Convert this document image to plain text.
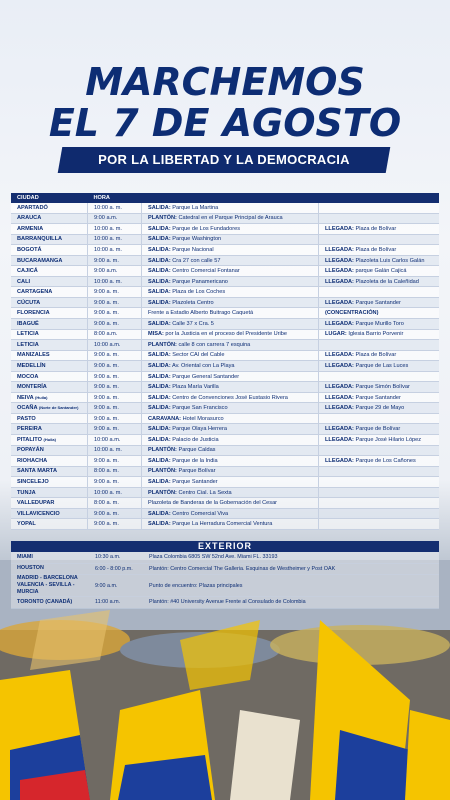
MARCHEMOS
EL 7 DE AGOSTO
POR LA LIBERTAD Y LA DEMOCRACIA
CIUDAD	HORA		
APARTADÓ	10:00 a. m.	SALIDA: Parque La Martina	
ARAUCA	9:00 a.m.	PLANTÓN: Catedral en el Parque Principal de Arauca	
ARMENIA	10:00 a. m.	SALIDA: Parque de Los Fundadores	LLEGADA: Plaza de Bolívar
BARRANQUILLA	10:00 a. m.	SALIDA: Parque Washington	
BOGOTÁ	10:00 a. m.	SALIDA: Parque Nacional	LLEGADA: Plaza de Bolívar
BUCARAMANGA	9:00 a. m.	SALIDA: Cra 27 con calle 57	LLEGADA: Plazoleta Luis Carlos Galán
CAJICÁ	9:00 a.m.	SALIDA: Centro Comercial Fontanar	LLEGADA: parque Galán Cajicá
CALI	10:00 a. m.	SALIDA: Parque Panamericano	LLEGADA: Plazoleta de la Caleñidad
CARTAGENA	9:00 a. m.	SALIDA: Plaza de Los Coches	
CÚCUTA	9:00 a. m.	SALIDA: Plazoleta Centro	LLEGADA: Parque Santander
FLORENCIA	9:00 a. m.	Frente a Estadio Alberto Buitrago Caquetá	(CONCENTRACIÓN)
IBAGUÉ	9:00 a. m.	SALIDA: Calle 37 x Cra. 5	LLEGADA: Parque Murillo Toro
LETICIA	8:00 a.m.	MISA: por la Justicia en el proceso del Presidente Uribe	LUGAR: Iglesia Barrio Porvenir
LETICIA	10:00 a.m.	PLANTÓN: calle 8 con carrera 7 esquina	
MANIZALES	9:00 a. m.	SALIDA: Sector CAI del Cable	LLEGADA: Plaza de Bolívar
MEDELLÍN	9:00 a. m.	SALIDA: Av. Oriental con La Playa	LLEGADA: Parque de Las Luces
MOCOA	9:00 a. m.	SALIDA: Parque General Santander	
MONTERÍA	9:00 a. m.	SALIDA: Plaza María Varilla	LLEGADA: Parque Simón Bolívar
NEIVA (Huila)	9:00 a. m.	SALIDA: Centro de Convenciones José Eustasio Rivera	LLEGADA: Parque Santander
OCAÑA (Norte de Santander)	9:00 a. m.	SALIDA: Parque San Francisco	LLEGADA: Parque 29 de Mayo
PASTO	9:00 a. m.	CARAVANA: Hotel Morasurco	
PEREIRA	9:00 a. m.	SALIDA: Parque Olaya Herrera	LLEGADA: Parque de Bolívar
PITALITO (Huila)	10:00 a.m.	SALIDA: Palacio de Justicia	LLEGADA: Parque José Hilario López
POPAYÁN	10:00 a. m.	PLANTÓN: Parque Caldas	
RIOHACHA	9:00 a. m.	SALIDA: Parque de la India	LLEGADA: Parque de Los Cañones
SANTA MARTA	8:00 a. m.	PLANTÓN: Parque Bolívar	
SINCELEJO	9:00 a. m.	SALIDA: Parque Santander	
TUNJA	10:00 a. m.	PLANTÓN: Centro Cial. La Sexta	
VALLEDUPAR	8:00 a. m.	Plazoleta de Banderas de la Gobernación del Cesar	
VILLAVICENCIO	9:00 a. m.	SALIDA: Centro Comercial Viva	
YOPAL	9:00 a. m.	SALIDA: Parque La Herradura Comercial Ventura	
EXTERIOR
MIAMI	10:30 a.m.	Plaza Colombia 6805 SW 52nd Ave. Miami FL. 33193
HOUSTON	6:00 - 8:00 p.m.	Plantón: Centro Comercial The Galleria. Esquinas de Westheimer y Post OAK
MADRID - BARCELONA VALENCIA - SEVILLA - MURCIA	9:00 a.m.	Punto de encuentro: Plazas principales
TORONTO (CANADÁ)	11:00 a.m.	Plantón: #40 University Avenue Frente al Consulado de Colombia
